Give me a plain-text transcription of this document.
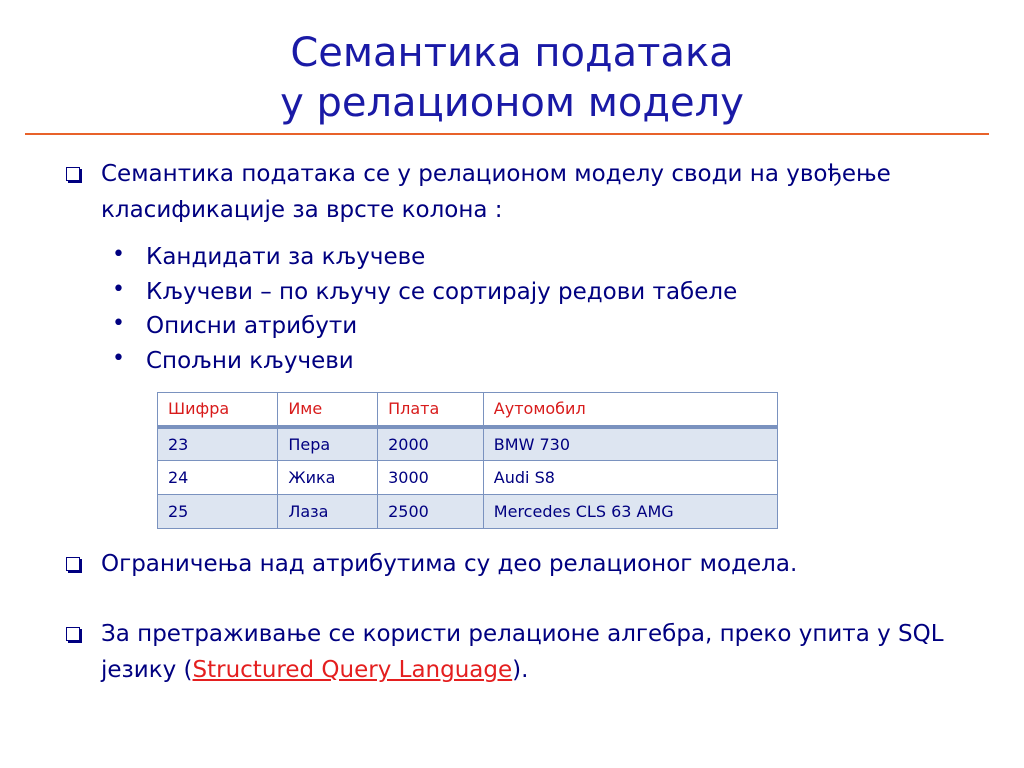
Семантика података
у релационом моделу
Семантика података се у релационом моделу своди на увођење класификације за врсте колона :
• Кандидати за кључеве
• Кључеви – по кључу се сортирају редови табеле
• Описни атрибути
• Спољни кључеви
Шифра	Име	Плата	Аутомобил
23	Пера	2000	BMW 730
24	Жика	3000	Audi S8
25	Лаза	2500	Mercedes CLS 63 AMG
Ограничења над атрибутима су део релационог модела.
За претраживање се користи релационе алгебра, преко упита у SQL језику (Structured Query Language).
